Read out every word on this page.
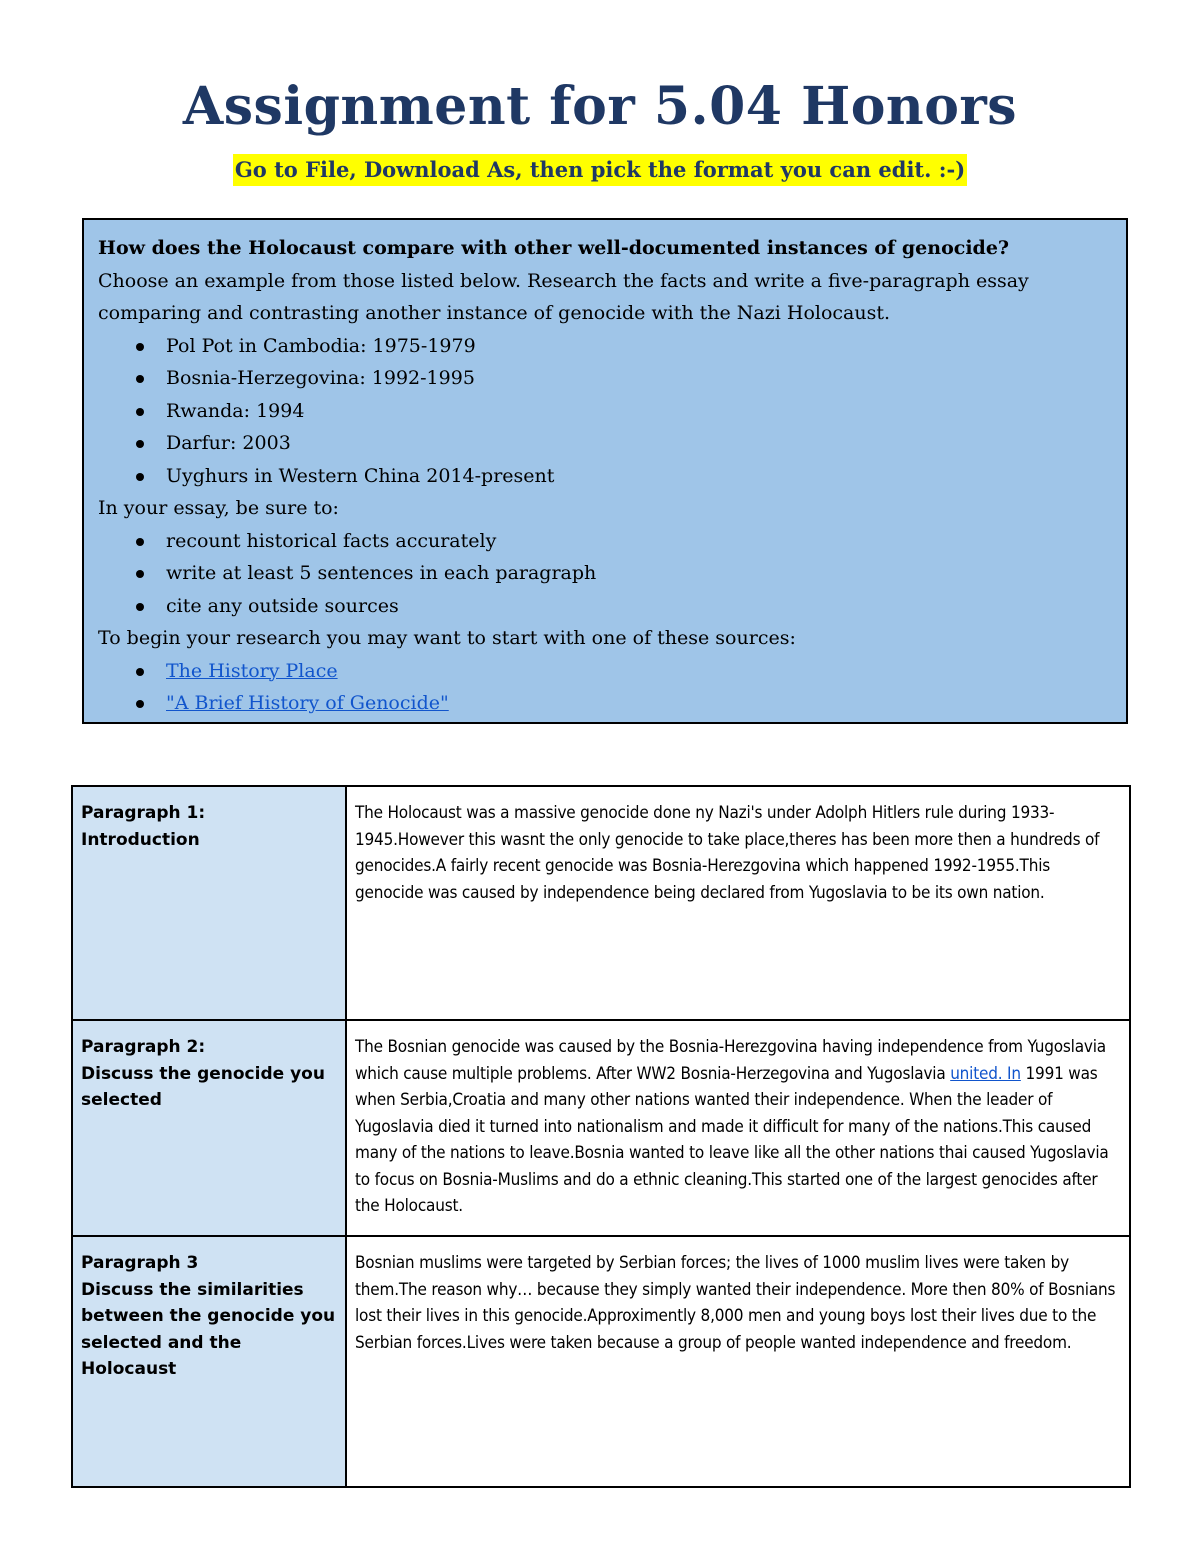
Assignment for 5.04 Honors
Go to File, Download As, then pick the format you can edit. :-)

How does the Holocaust compare with other well-documented instances of genocide?

Choose an example from those listed below. Research the facts and write a five-paragraph essay

comparing and contrasting another instance of genocide with the Nazi Holocaust.

Pol Pot in Cambodia: 1975-1979
Bosnia-Herzegovina: 1992-1995
Rwanda: 1994
Darfur: 2003
Uyghurs in Western China 2014-present

In your essay, be sure to:

recount historical facts accurately
write at least 5 sentences in each paragraph
cite any outside sources

To begin your research you may want to start with one of these sources:

The History Place
"A Brief History of Genocide"
Paragraph 1:
Introduction	The Holocaust was a massive genocide done ny Nazi's under Adolph Hitlers rule during 1933-1945.However this wasnt the only genocide to take place,theres has been more then a hundreds of genocides.A fairly recent genocide was Bosnia-Herezgovina which happened 1992-1955.This genocide was caused by independence being declared from Yugoslavia to be its own nation.

Paragraph 2:
Discuss the genocide you selected	The Bosnian genocide was caused by the Bosnia-Herezgovina having independence from Yugoslavia which cause multiple problems. After WW2 Bosnia-Herzegovina and Yugoslavia united. In 1991 was when Serbia,Croatia and many other nations wanted their independence. When the leader of Yugoslavia died it turned into nationalism and made it difficult for many of the nations.This caused many of the nations to leave.Bosnia wanted to leave like all the other nations thai caused Yugoslavia to focus on Bosnia-Muslims and do a ethnic cleaning.This started one of the largest genocides after the Holocaust.

Paragraph 3
Discuss the similarities between the genocide you selected and the Holocaust	Bosnian muslims were targeted by Serbian forces; the lives of 1000 muslim lives were taken by them.The reason why… because they simply wanted their independence. More then 80% of Bosnians lost their lives in this genocide.Approximently 8,000 men and young boys lost their lives due to the Serbian forces.Lives were taken because a group of people wanted independence and freedom.
